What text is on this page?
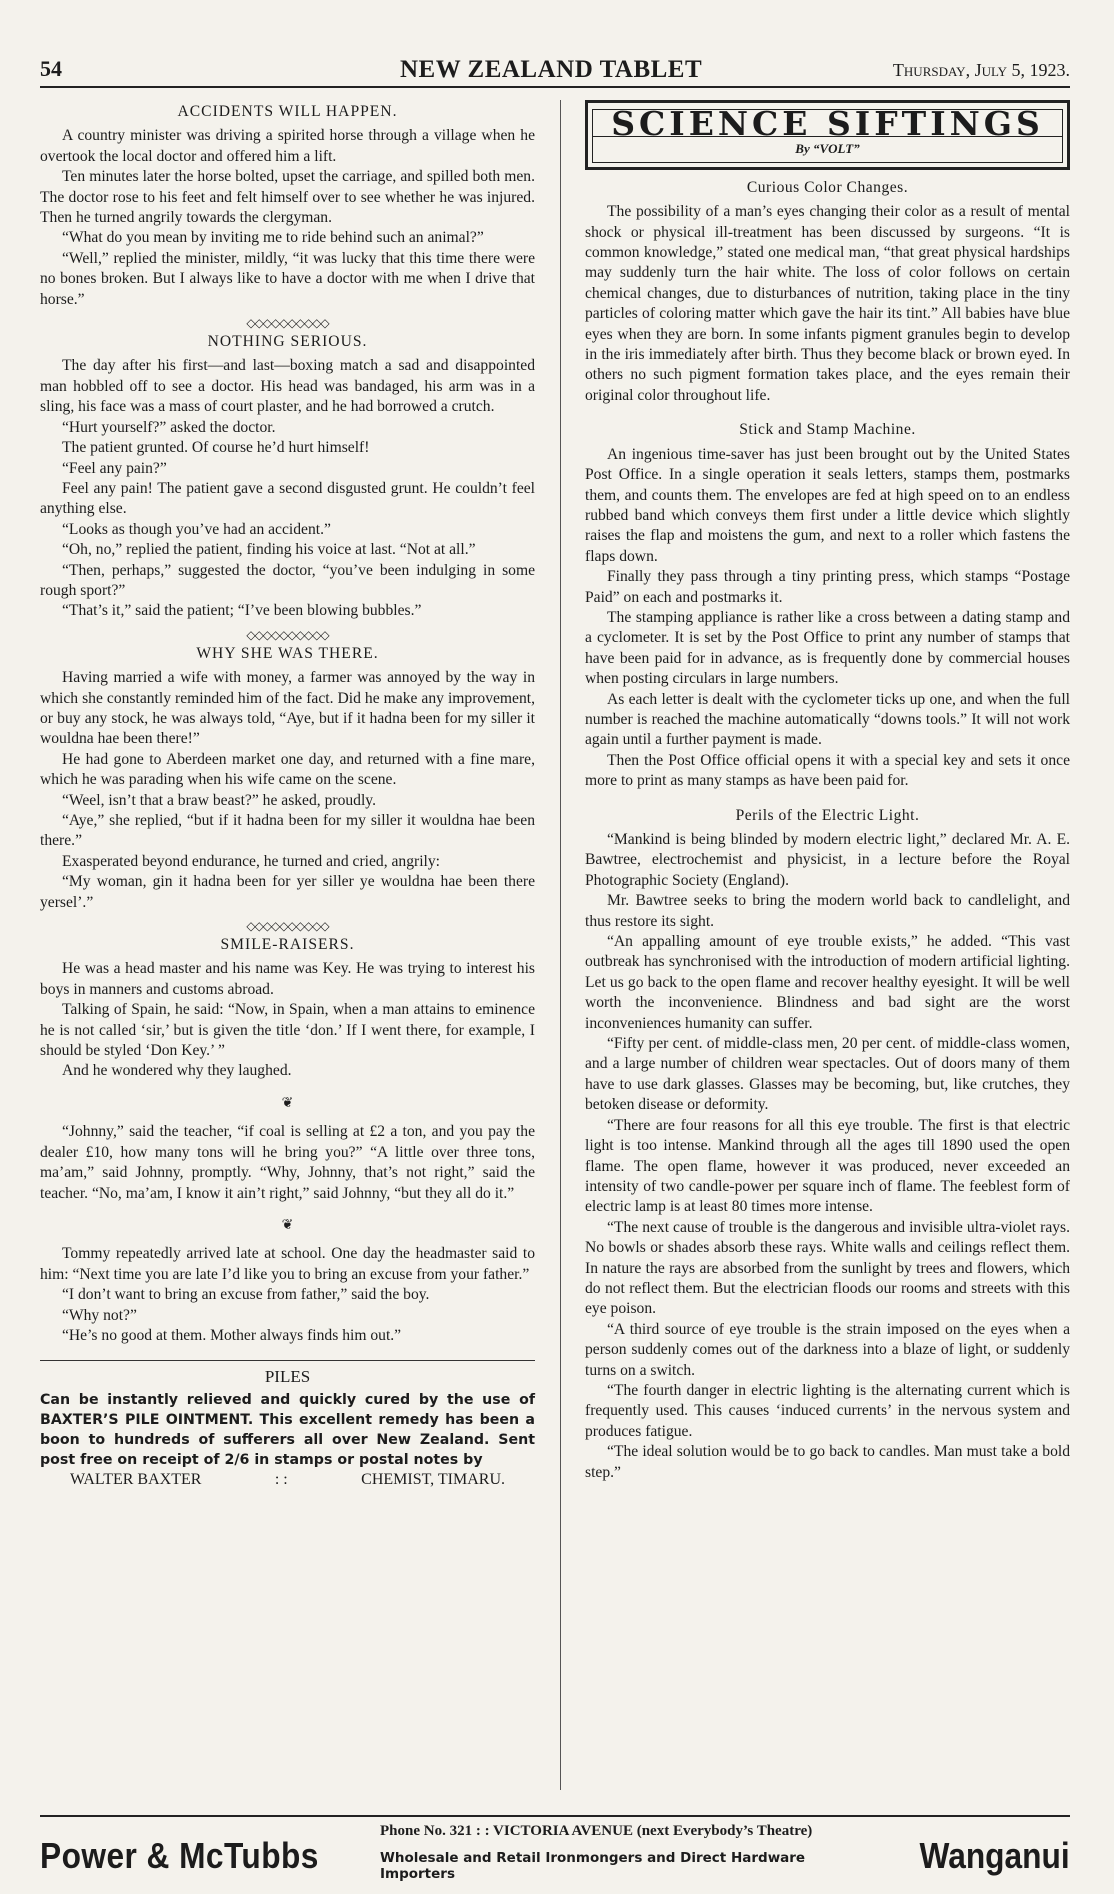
54	NEW ZEALAND TABLET	Thursday, July 5, 1923.
ACCIDENTS WILL HAPPEN.

A country minister was driving a spirited horse through a village when he overtook the local doctor and offered him a lift.

Ten minutes later the horse bolted, upset the carriage, and spilled both men. The doctor rose to his feet and felt himself over to see whether he was injured. Then he turned angrily towards the clergyman.

“What do you mean by inviting me to ride behind such an animal?”

“Well,” replied the minister, mildly, “it was lucky that this time there were no bones broken. But I always like to have a doctor with me when I drive that horse.”

◇◇◇◇◇◇◇◇◇◇
NOTHING SERIOUS.

The day after his first—and last—boxing match a sad and disappointed man hobbled off to see a doctor. His head was bandaged, his arm was in a sling, his face was a mass of court plaster, and he had borrowed a crutch.

“Hurt yourself?” asked the doctor.

The patient grunted. Of course he’d hurt himself!

“Feel any pain?”

Feel any pain! The patient gave a second disgusted grunt. He couldn’t feel anything else.

“Looks as though you’ve had an accident.”

“Oh, no,” replied the patient, finding his voice at last. “Not at all.”

“Then, perhaps,” suggested the doctor, “you’ve been indulging in some rough sport?”

“That’s it,” said the patient; “I’ve been blowing bubbles.”

◇◇◇◇◇◇◇◇◇◇
WHY SHE WAS THERE.

Having married a wife with money, a farmer was annoyed by the way in which she constantly reminded him of the fact. Did he make any improvement, or buy any stock, he was always told, “Aye, but if it hadna been for my siller it wouldna hae been there!”

He had gone to Aberdeen market one day, and returned with a fine mare, which he was parading when his wife came on the scene.

“Weel, isn’t that a braw beast?” he asked, proudly.

“Aye,” she replied, “but if it hadna been for my siller it wouldna hae been there.”

Exasperated beyond endurance, he turned and cried, angrily:

“My woman, gin it hadna been for yer siller ye wouldna hae been there yersel’.”

◇◇◇◇◇◇◇◇◇◇
SMILE-RAISERS.

He was a head master and his name was Key. He was trying to interest his boys in manners and customs abroad.

Talking of Spain, he said: “Now, in Spain, when a man attains to eminence he is not called ‘sir,’ but is given the title ‘don.’ If I went there, for example, I should be styled ‘Don Key.’ ”

And he wondered why they laughed.

❦

“Johnny,” said the teacher, “if coal is selling at £2 a ton, and you pay the dealer £10, how many tons will he bring you?” “A little over three tons, ma’am,” said Johnny, promptly. “Why, Johnny, that’s not right,” said the teacher. “No, ma’am, I know it ain’t right,” said Johnny, “but they all do it.”

❦

Tommy repeatedly arrived late at school. One day the headmaster said to him: “Next time you are late I’d like you to bring an excuse from your father.”

“I don’t want to bring an excuse from father,” said the boy.

“Why not?”

“He’s no good at them. Mother always finds him out.”

PILES

Can be instantly relieved and quickly cured by the use of BAXTER’S PILE OINTMENT. This excellent remedy has been a boon to hundreds of sufferers all over New Zealand. Sent post free on receipt of 2/6 in stamps or postal notes by

WALTER BAXTER	: :	CHEMIST, TIMARU.

SCIENCE SIFTINGS
By “VOLT”
Curious Color Changes.

The possibility of a man’s eyes changing their color as a result of mental shock or physical ill-treatment has been discussed by surgeons. “It is common knowledge,” stated one medical man, “that great physical hardships may suddenly turn the hair white. The loss of color follows on certain chemical changes, due to disturbances of nutrition, taking place in the tiny particles of coloring matter which gave the hair its tint.” All babies have blue eyes when they are born. In some infants pigment granules begin to develop in the iris immediately after birth. Thus they become black or brown eyed. In others no such pigment formation takes place, and the eyes remain their original color throughout life.

Stick and Stamp Machine.

An ingenious time-saver has just been brought out by the United States Post Office. In a single operation it seals letters, stamps them, postmarks them, and counts them. The envelopes are fed at high speed on to an endless rubbed band which conveys them first under a little device which slightly raises the flap and moistens the gum, and next to a roller which fastens the flaps down.

Finally they pass through a tiny printing press, which stamps “Postage Paid” on each and postmarks it.

The stamping appliance is rather like a cross between a dating stamp and a cyclometer. It is set by the Post Office to print any number of stamps that have been paid for in advance, as is frequently done by commercial houses when posting circulars in large numbers.

As each letter is dealt with the cyclometer ticks up one, and when the full number is reached the machine automatically “downs tools.” It will not work again until a further payment is made.

Then the Post Office official opens it with a special key and sets it once more to print as many stamps as have been paid for.

Perils of the Electric Light.

“Mankind is being blinded by modern electric light,” declared Mr. A. E. Bawtree, electrochemist and physicist, in a lecture before the Royal Photographic Society (England).

Mr. Bawtree seeks to bring the modern world back to candlelight, and thus restore its sight.

“An appalling amount of eye trouble exists,” he added. “This vast outbreak has synchronised with the introduction of modern artificial lighting. Let us go back to the open flame and recover healthy eyesight. It will be well worth the inconvenience. Blindness and bad sight are the worst inconveniences humanity can suffer.

“Fifty per cent. of middle-class men, 20 per cent. of middle-class women, and a large number of children wear spectacles. Out of doors many of them have to use dark glasses. Glasses may be becoming, but, like crutches, they betoken disease or deformity.

“There are four reasons for all this eye trouble. The first is that electric light is too intense. Mankind through all the ages till 1890 used the open flame. The open flame, however it was produced, never exceeded an intensity of two candle-power per square inch of flame. The feeblest form of electric lamp is at least 80 times more intense.

“The next cause of trouble is the dangerous and invisible ultra-violet rays. No bowls or shades absorb these rays. White walls and ceilings reflect them. In nature the rays are absorbed from the sunlight by trees and flowers, which do not reflect them. But the electrician floods our rooms and streets with this eye poison.

“A third source of eye trouble is the strain imposed on the eyes when a person suddenly comes out of the darkness into a blaze of light, or suddenly turns on a switch.

“The fourth danger in electric lighting is the alternating current which is frequently used. This causes ‘induced currents’ in the nervous system and produces fatigue.

“The ideal solution would be to go back to candles. Man must take a bold step.”

Power & McTubbs
Phone No. 321 : : VICTORIA AVENUE (next Everybody’s Theatre)
Wholesale and Retail Ironmongers and Direct Hardware Importers	Wanganui
